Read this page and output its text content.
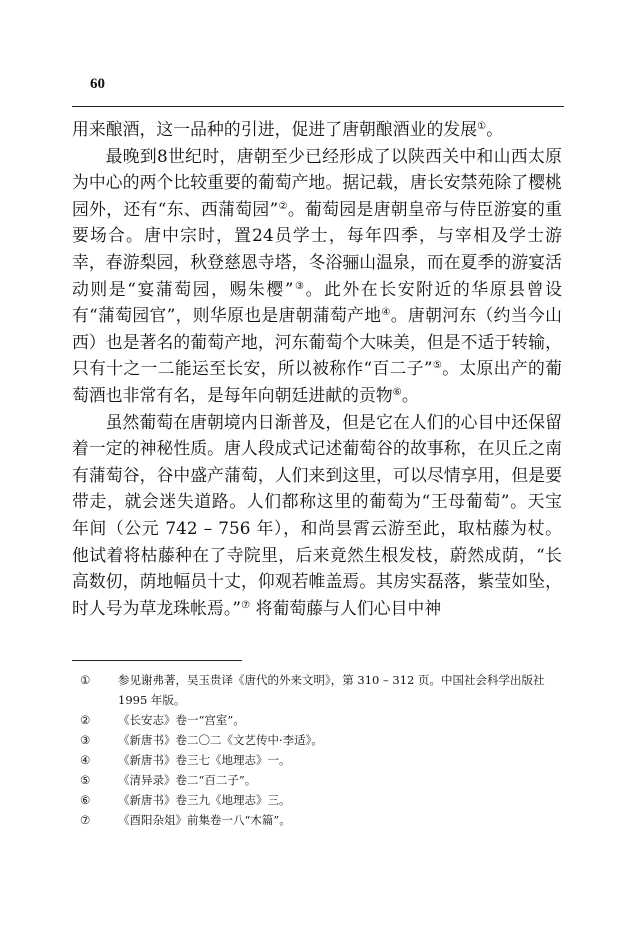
60

用来酿酒，这一品种的引进，促进了唐朝酿酒业的发展①。

最晚到8世纪时，唐朝至少已经形成了以陕西关中和山西太原为中心的两个比较重要的葡萄产地。据记载，唐长安禁苑除了樱桃园外，还有“东、西蒲萄园”②。葡萄园是唐朝皇帝与侍臣游宴的重要场合。唐中宗时，置24员学士，每年四季，与宰相及学士游幸，春游梨园，秋登慈恩寺塔，冬浴骊山温泉，而在夏季的游宴活动则是“宴蒲萄园，赐朱樱”③。此外在长安附近的华原县曾设有“蒲萄园官”，则华原也是唐朝蒲萄产地④。唐朝河东（约当今山西）也是著名的葡萄产地，河东葡萄个大味美，但是不适于转输，只有十之一二能运至长安，所以被称作“百二子”⑤。太原出产的葡萄酒也非常有名，是每年向朝廷进献的贡物⑥。

虽然葡萄在唐朝境内日渐普及，但是它在人们的心目中还保留着一定的神秘性质。唐人段成式记述葡萄谷的故事称，在贝丘之南有蒲萄谷，谷中盛产蒲萄，人们来到这里，可以尽情享用，但是要带走，就会迷失道路。人们都称这里的葡萄为“王母葡萄”。天宝年间（公元 742 – 756 年），和尚昙霄云游至此，取枯藤为杖。他试着将枯藤种在了寺院里，后来竟然生根发枝，蔚然成荫，“长高数仞，荫地幅员十丈，仰观若帷盖焉。其房实磊落，紫莹如坠，时人号为草龙珠帐焉。”⑦ 将葡萄藤与人们心目中神

①	参见谢弗著，吴玉贵译《唐代的外来文明》，第 310 – 312 页。中国社会科学出版社 1995 年版。
②	《长安志》卷一“宫室”。
③	《新唐书》卷二〇二《文艺传中·李适》。
④	《新唐书》卷三七《地理志》一。
⑤	《清异录》卷二“百二子”。
⑥	《新唐书》卷三九《地理志》三。
⑦	《酉阳杂俎》前集卷一八“木篇”。
